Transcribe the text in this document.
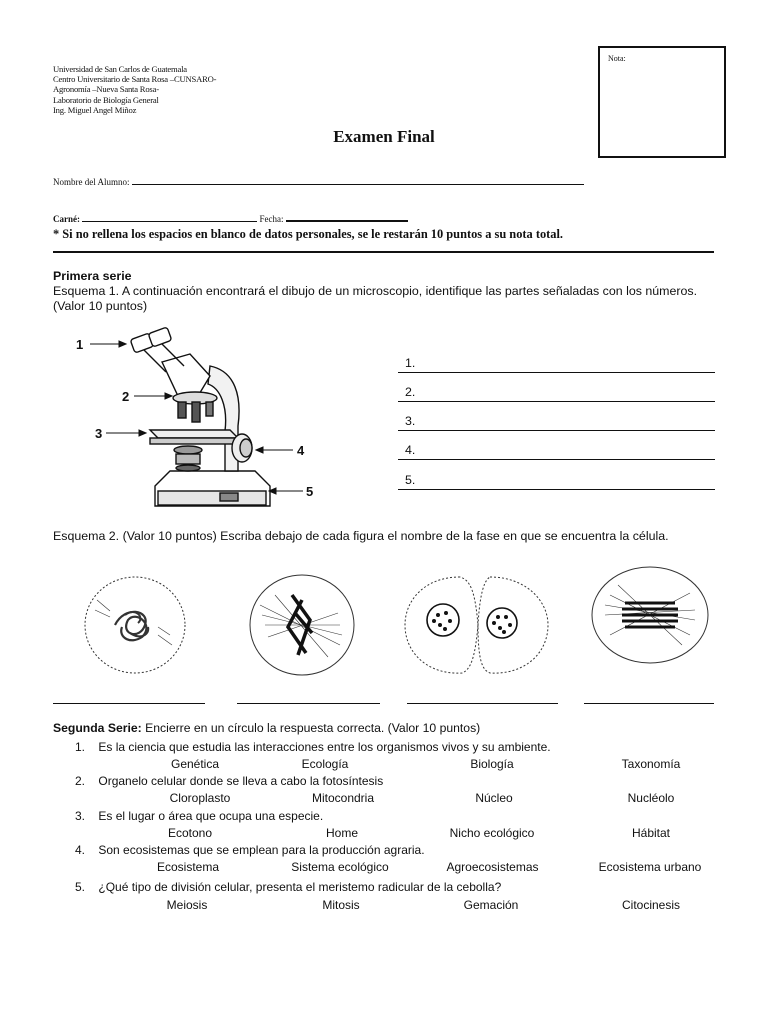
Universidad de San Carlos de Guatemala
Centro Universitario de Santa Rosa –CUNSARO-
Agronomía –Nueva Santa Rosa-
Laboratorio de Biología General
Ing. Miguel Angel Miñoz
Nota:
Examen Final
Nombre del Alumno:
Carné:	Fecha:
* Si no rellena los espacios en blanco de datos personales, se le restarán 10 puntos a su nota total.
Primera serie
Esquema 1. A continuación encontrará el dibujo de un microscopio, identifique las partes señaladas con los números. (Valor 10 puntos)
1
2
3
4
5
1.
2.
3.
4.
5.
Esquema 2. (Valor 10 puntos) Escriba debajo de cada figura el nombre de la fase en que se encuentra la célula.
Segunda Serie: Encierre en un círculo la respuesta correcta. (Valor 10 puntos)
1. Es la ciencia que estudia las interacciones entre los organismos vivos y su ambiente.
Genética	Ecología	Biología	Taxonomía
2. Organelo celular donde se lleva a cabo la fotosíntesis
Cloroplasto	Mitocondria	Núcleo	Nucléolo
3. Es el lugar o área que ocupa una especie.
Ecotono	Home	Nicho ecológico	Hábitat
4. Son ecosistemas que se emplean para la producción agraria.
Ecosistema	Sistema ecológico	Agroecosistemas	Ecosistema urbano
5. ¿Qué tipo de división celular, presenta el meristemo radicular de la cebolla?
Meiosis	Mitosis	Gemación	Citocinesis
